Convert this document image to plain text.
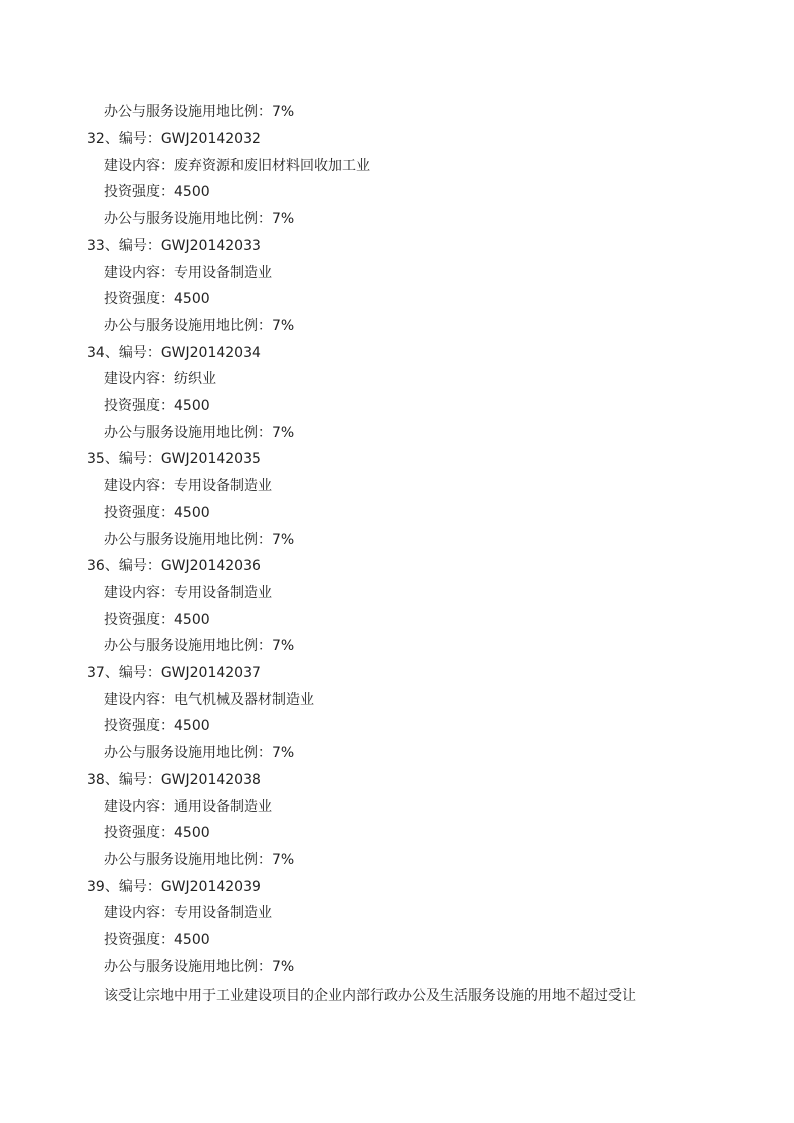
办公与服务设施用地比例：7%
32、编号：GWJ20142032
建设内容：废弃资源和废旧材料回收加工业
投资强度：4500
办公与服务设施用地比例：7%
33、编号：GWJ20142033
建设内容：专用设备制造业
投资强度：4500
办公与服务设施用地比例：7%
34、编号：GWJ20142034
建设内容：纺织业
投资强度：4500
办公与服务设施用地比例：7%
35、编号：GWJ20142035
建设内容：专用设备制造业
投资强度：4500
办公与服务设施用地比例：7%
36、编号：GWJ20142036
建设内容：专用设备制造业
投资强度：4500
办公与服务设施用地比例：7%
37、编号：GWJ20142037
建设内容：电气机械及器材制造业
投资强度：4500
办公与服务设施用地比例：7%
38、编号：GWJ20142038
建设内容：通用设备制造业
投资强度：4500
办公与服务设施用地比例：7%
39、编号：GWJ20142039
建设内容：专用设备制造业
投资强度：4500
办公与服务设施用地比例：7%
该受让宗地中用于工业建设项目的企业内部行政办公及生活服务设施的用地不超过受让
